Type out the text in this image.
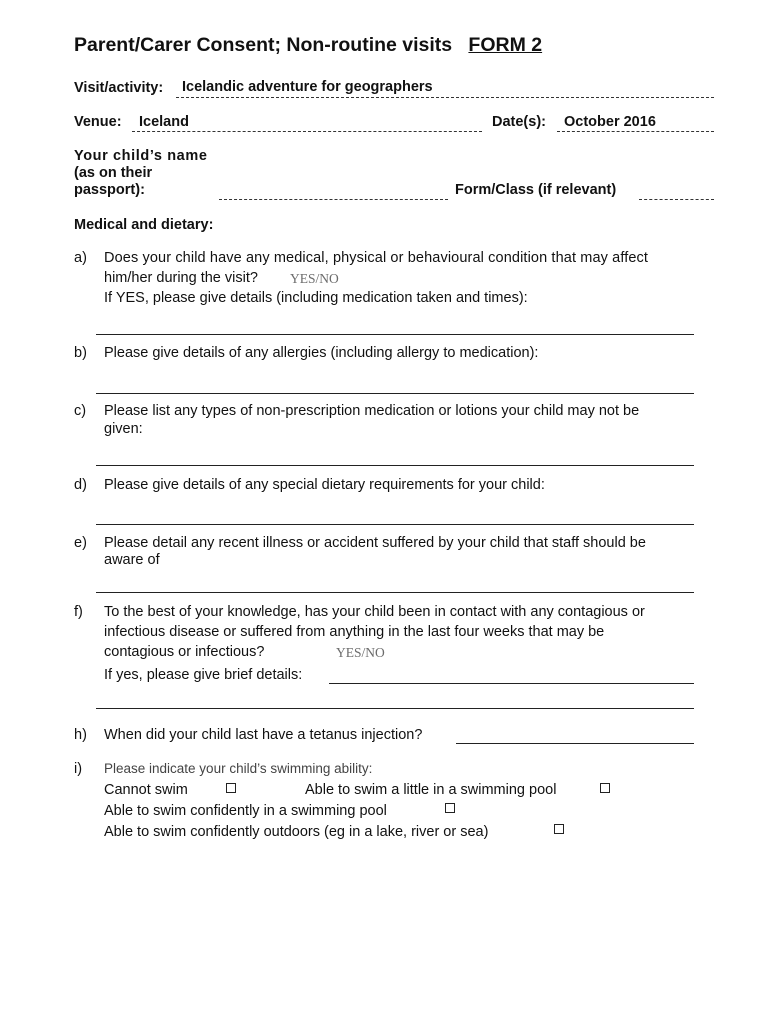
Parent/Carer Consent; Non-routine visits FORM 2
Visit/activity: Icelandic adventure for geographers
Venue: Iceland	Date(s): October 2016
Your child’s name
(as on their
passport):	Form/Class (if relevant)
Medical and dietary:
a) Does your child have any medical, physical or behavioural condition that may affect
him/her during the visit? YES/NO
If YES, please give details (including medication taken and times):
b) Please give details of any allergies (including allergy to medication):
c) Please list any types of non-prescription medication or lotions your child may not be
given:
d) Please give details of any special dietary requirements for your child:
e) Please detail any recent illness or accident suffered by your child that staff should be
aware of
f) To the best of your knowledge, has your child been in contact with any contagious or
infectious disease or suffered from anything in the last four weeks that may be
contagious or infectious?	YES/NO
If yes, please give brief details:
h) When did your child last have a tetanus injection?
i) Please indicate your child’s swimming ability:
Cannot swim	Able to swim a little in a swimming pool
Able to swim confidently in a swimming pool
Able to swim confidently outdoors (eg in a lake, river or sea)
